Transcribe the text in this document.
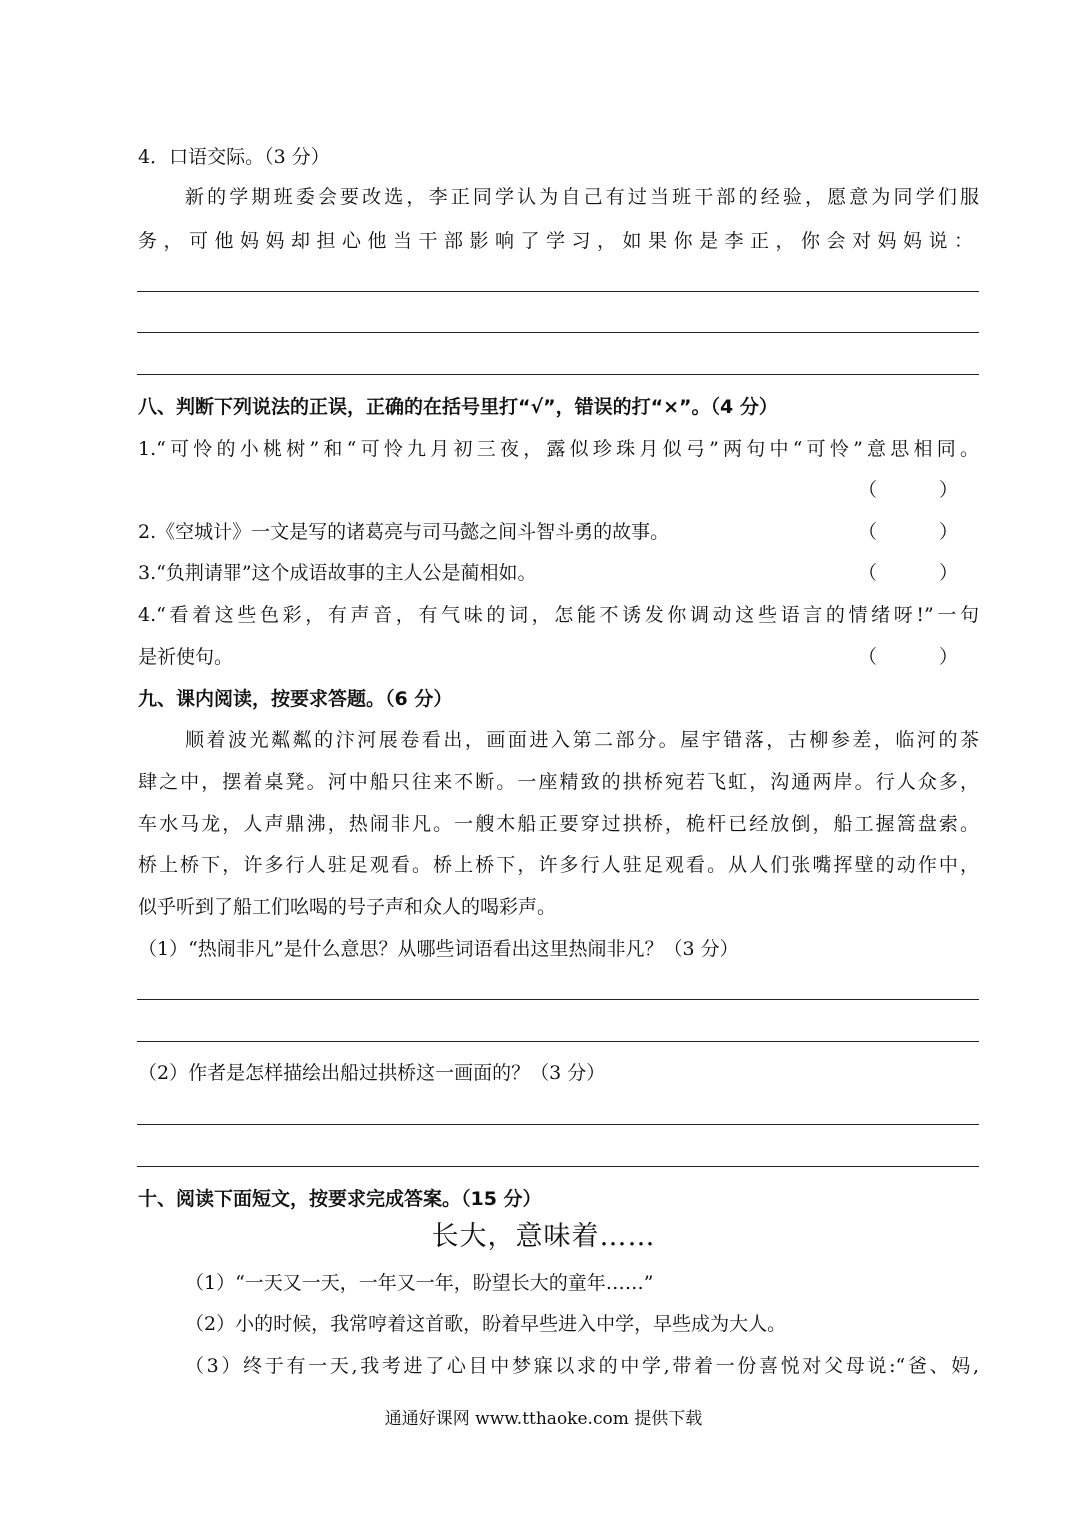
4．口语交际。（3 分）
新的学期班委会要改选，李正同学认为自己有过当班干部的经验，愿意为同学们服
务，可他妈妈却担心他当干部影响了学习，如果你是李正，你会对妈妈说：
八、判断下列说法的正误，正确的在括号里打“√”，错误的打“×”。（4 分）
1.“可怜的小桃树”和“可怜九月初三夜，露似珍珠月似弓”两句中“可怜”意思相同。
（	）
2.《空城计》一文是写的诸葛亮与司马懿之间斗智斗勇的故事。	（	）
3.“负荆请罪”这个成语故事的主人公是蔺相如。	（	）
4.“看着这些色彩，有声音，有气味的词，怎能不诱发你调动这些语言的情绪呀!”一句
是祈使句。	（	）
九、课内阅读，按要求答题。（6 分）
顺着波光粼粼的汴河展卷看出，画面进入第二部分。屋宇错落，古柳参差，临河的茶
肆之中，摆着桌凳。河中船只往来不断。一座精致的拱桥宛若飞虹，沟通两岸。行人众多，
车水马龙，人声鼎沸，热闹非凡。一艘木船正要穿过拱桥，桅杆已经放倒，船工握篙盘索。
桥上桥下，许多行人驻足观看。桥上桥下，许多行人驻足观看。从人们张嘴挥壁的动作中，
似乎听到了船工们吆喝的号子声和众人的喝彩声。
（1）“热闹非凡”是什么意思？从哪些词语看出这里热闹非凡？（3 分）
（2）作者是怎样描绘出船过拱桥这一画面的？（3 分）
十、阅读下面短文，按要求完成答案。（15 分）
长大，意味着……
（1）“一天又一天，一年又一年，盼望长大的童年……”
（2）小的时候，我常哼着这首歌，盼着早些进入中学，早些成为大人。
（3）终于有一天,我考进了心目中梦寐以求的中学,带着一份喜悦对父母说:“爸、妈,
通通好课网 www.tthaoke.com 提供下载
